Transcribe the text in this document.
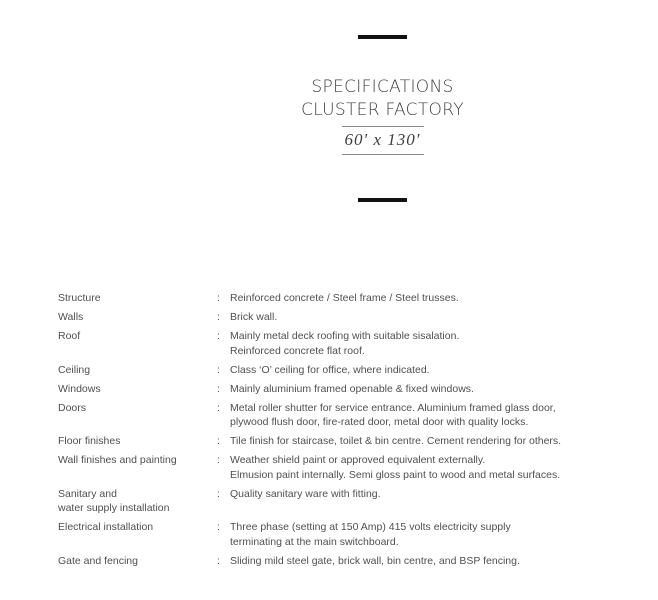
SPECIFICATIONS
CLUSTER FACTORY
60′ x 130′
Structure	: Reinforced concrete / Steel frame / Steel trusses.
Walls	: Brick wall.
Roof	: Mainly metal deck roofing with suitable sisalation.
Reinforced concrete flat roof.
Ceiling	: Class ‘O’ ceiling for office, where indicated.
Windows	: Mainly aluminium framed openable & fixed windows.
Doors	: Metal roller shutter for service entrance. Aluminium framed glass door,
plywood flush door, fire-rated door, metal door with quality locks.
Floor finishes	: Tile finish for staircase, toilet & bin centre. Cement rendering for others.
Wall finishes and painting	: Weather shield paint or approved equivalent externally.
Elmusion paint internally. Semi gloss paint to wood and metal surfaces.
Sanitary and
water supply installation
: Quality sanitary ware with fitting.
Electrical installation	: Three phase (setting at 150 Amp) 415 volts electricity supply
terminating at the main switchboard.
Gate and fencing	: Sliding mild steel gate, brick wall, bin centre, and BSP fencing.
